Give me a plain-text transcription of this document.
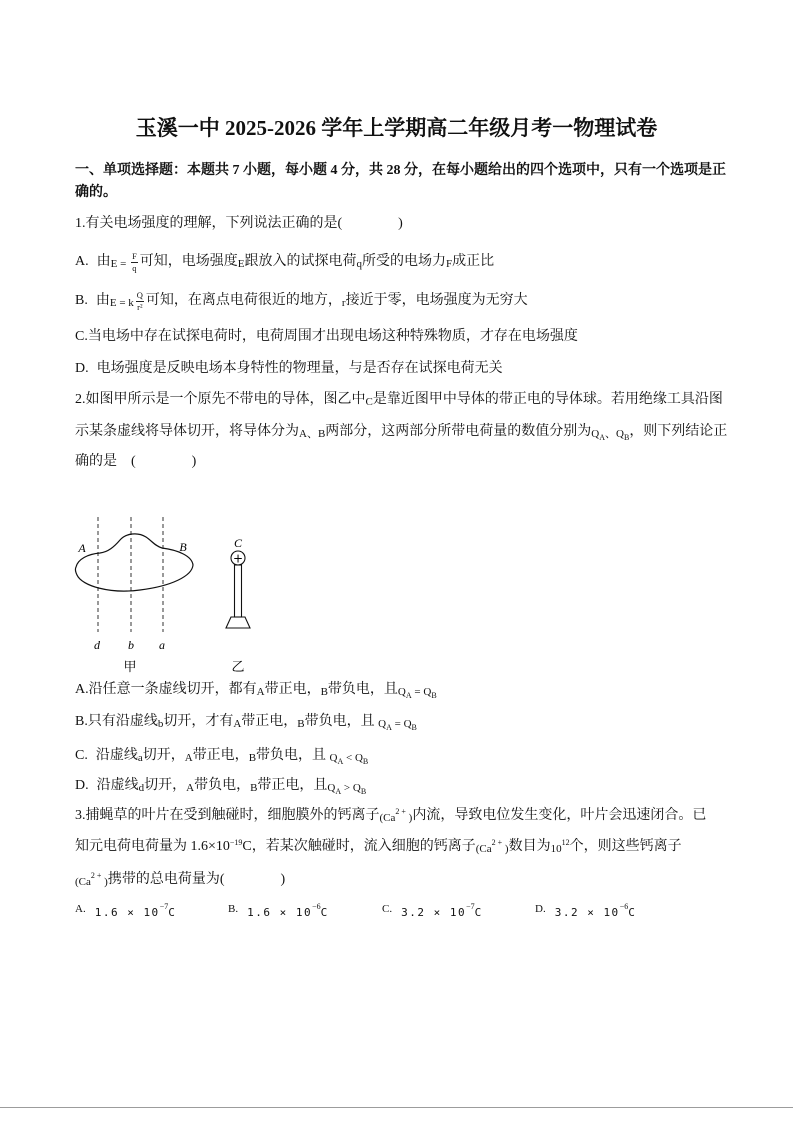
玉溪一中 2025-2026 学年上学期高二年级月考一物理试卷
一、单项选择题：本题共 7 小题，每小题 4 分，共 28 分，在每小题给出的四个选项中，只有一个选项是正
确的。
1.有关电场强度的理解，下列说法正确的是(　　　　)
A. 由$E = \frac{F}{q}$ 可知，电场强度E跟放入的试探电荷q所受的电场力F成正比
B. 由E = k $\frac{Q}{\text{r²}}$ 可知，在离点电荷很近的地方，r接近于零，电场强度为无穷大
C.当电场中存在试探电荷时，电荷周围才出现电场这种特殊物质，才存在电场强度
D. 电场强度是反映电场本身特性的物理量，与是否存在试探电荷无关
2.如图甲所示是一个原先不带电的导体，图乙中C是靠近图甲中导体的带正电的导体球。若用绝缘工具沿图
示某条虚线将导体切开，将导体分为A、B两部分，这两部分所带电荷量的数值分别为$Q_A$、$Q_B$，则下列结论正
确的是　(　　　　)
A	B
d b a
甲
C
+
乙
A.沿任意一条虚线切开，都有A带正电，B带负电，且$Q_A = Q_B$
B.只有沿虚线b切开，才有A带正电，B带负电，且 $Q_A = Q_B$
C. 沿虚线a切开，A带正电，B带负电，且 $Q_A < Q_B$
D. 沿虚线d切开，A带负电，B带正电，且$Q_A > Q_B$
3.捕蝇草的叶片在受到触碰时，细胞膜外的钙离子($Ca^{2 +}$ )内流，导致电位发生变化，叶片会迅速闭合。已
知元电荷电荷量为 $1.6\times 10^{-19}C$，若某次触碰时，流入细胞的钙离子($Ca^{2 +}$ )数目为$10^{12}$个，则这些钙离子
($Ca^{2 +}$ )携带的总电荷量为(　　　　)
$^{A.}$ $1.6 \times 10^{-7}C$	$^{B.}$ $1.6 \times 10^{-6}C$	$^{C.}$ $3.2 \times 10^{-7}C$	$^{D.}$ $3.2 \times 10^{-6}C$
